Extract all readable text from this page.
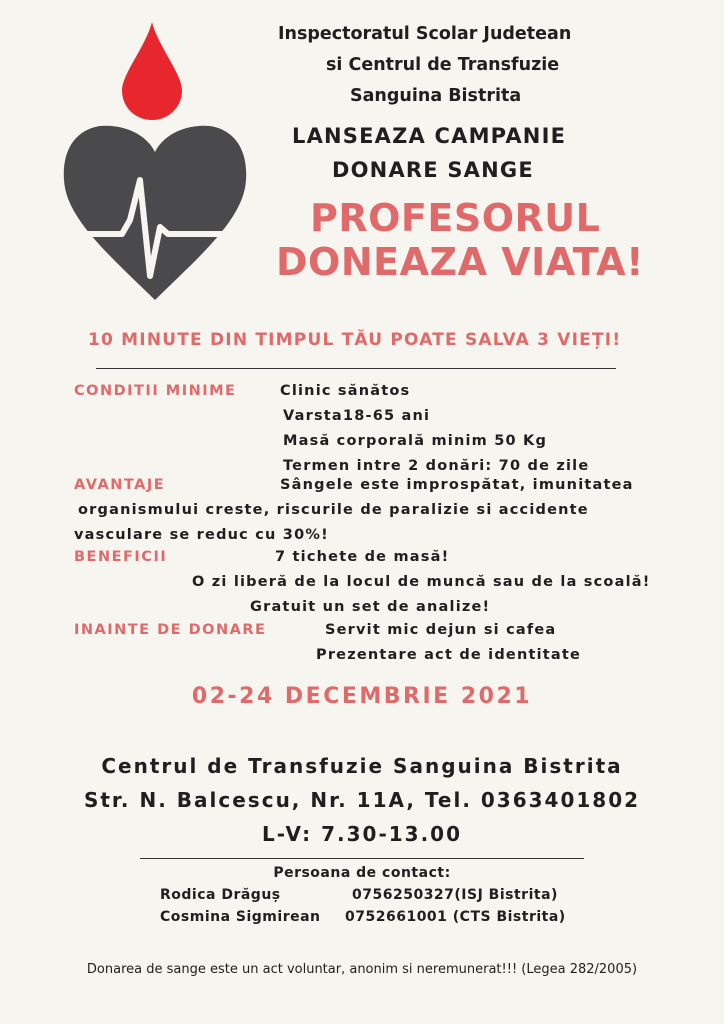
Inspectoratul Scolar Judetean
si Centrul de Transfuzie
Sanguina Bistrita
LANSEAZA CAMPANIE
DONARE SANGE
PROFESORUL
DONEAZA VIATA!
10 MINUTE DIN TIMPUL TĂU POATE SALVA 3 VIEȚI!
CONDITII MINIME	Clinic sănătos
Varsta18-65 ani
Masă corporală minim 50 Kg
Termen intre 2 donări: 70 de zile
AVANTAJE	Sângele este improspătat, imunitatea
organismului creste, riscurile de paralizie si accidente
vasculare se reduc cu 30%!
BENEFICII	7 tichete de masă!
O zi liberă de la locul de muncă sau de la scoală!
Gratuit un set de analize!
INAINTE DE DONARE	Servit mic dejun si cafea
Prezentare act de identitate
02-24 DECEMBRIE 2021
Centrul de Transfuzie Sanguina Bistrita
Str. N. Balcescu, Nr. 11A, Tel. 0363401802
L-V: 7.30-13.00
Persoana de contact:
Rodica Drăguș	0756250327(ISJ Bistrita)
Cosmina Sigmirean 0752661001 (CTS Bistrita)
Donarea de sange este un act voluntar, anonim si neremunerat!!! (Legea 282/2005)
